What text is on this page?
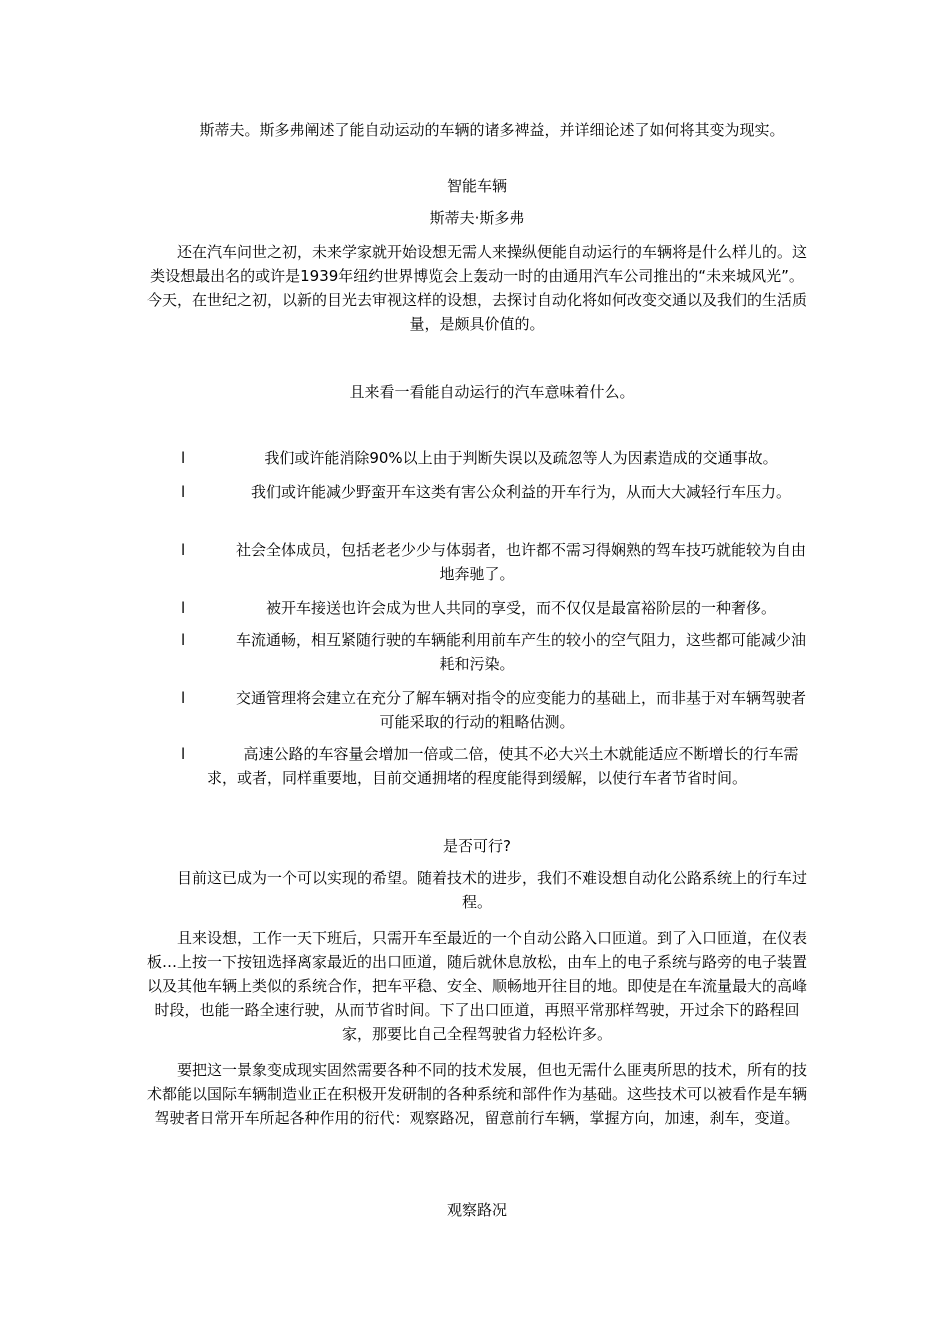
斯蒂夫。斯多弗阐述了能自动运动的车辆的诸多裨益，并详细论述了如何将其变为现实。

智能车辆

斯蒂夫·斯多弗

还在汽车问世之初，未来学家就开始设想无需人来操纵便能自动运行的车辆将是什么样儿的。这类设想最出名的或许是1939年纽约世界博览会上轰动一时的由通用汽车公司推出的“未来城风光”。今天，在世纪之初，以新的目光去审视这样的设想，去探讨自动化将如何改变交通以及我们的生活质量，是颇具价值的。

且来看一看能自动运行的汽车意味着什么。

l	我们或许能消除90%以上由于判断失误以及疏忽等人为因素造成的交通事故。

l	我们或许能减少野蛮开车这类有害公众利益的开车行为，从而大大减轻行车压力。

l	社会全体成员，包括老老少少与体弱者，也许都不需习得娴熟的驾车技巧就能较为自由地奔驰了。

l	被开车接送也许会成为世人共同的享受，而不仅仅是最富裕阶层的一种奢侈。

l	车流通畅，相互紧随行驶的车辆能利用前车产生的较小的空气阻力，这些都可能减少油耗和污染。

l	交通管理将会建立在充分了解车辆对指令的应变能力的基础上，而非基于对车辆驾驶者可能采取的行动的粗略估测。

l	高速公路的车容量会增加一倍或二倍，使其不必大兴土木就能适应不断增长的行车需求，或者，同样重要地，目前交通拥堵的程度能得到缓解，以使行车者节省时间。

是否可行?

目前这已成为一个可以实现的希望。随着技术的进步，我们不难设想自动化公路系统上的行车过程。

且来设想，工作一天下班后，只需开车至最近的一个自动公路入口匝道。到了入口匝道，在仪表板…上按一下按钮选择离家最近的出口匝道，随后就休息放松，由车上的电子系统与路旁的电子装置以及其他车辆上类似的系统合作，把车平稳、安全、顺畅地开往目的地。即使是在车流量最大的高峰时段，也能一路全速行驶，从而节省时间。下了出口匝道，再照平常那样驾驶，开过余下的路程回家，那要比自己全程驾驶省力轻松许多。

要把这一景象变成现实固然需要各种不同的技术发展，但也无需什么匪夷所思的技术，所有的技术都能以国际车辆制造业正在积极开发研制的各种系统和部件作为基础。这些技术可以被看作是车辆驾驶者日常开车所起各种作用的衍代：观察路况，留意前行车辆，掌握方向，加速，刹车，变道。

观察路况
